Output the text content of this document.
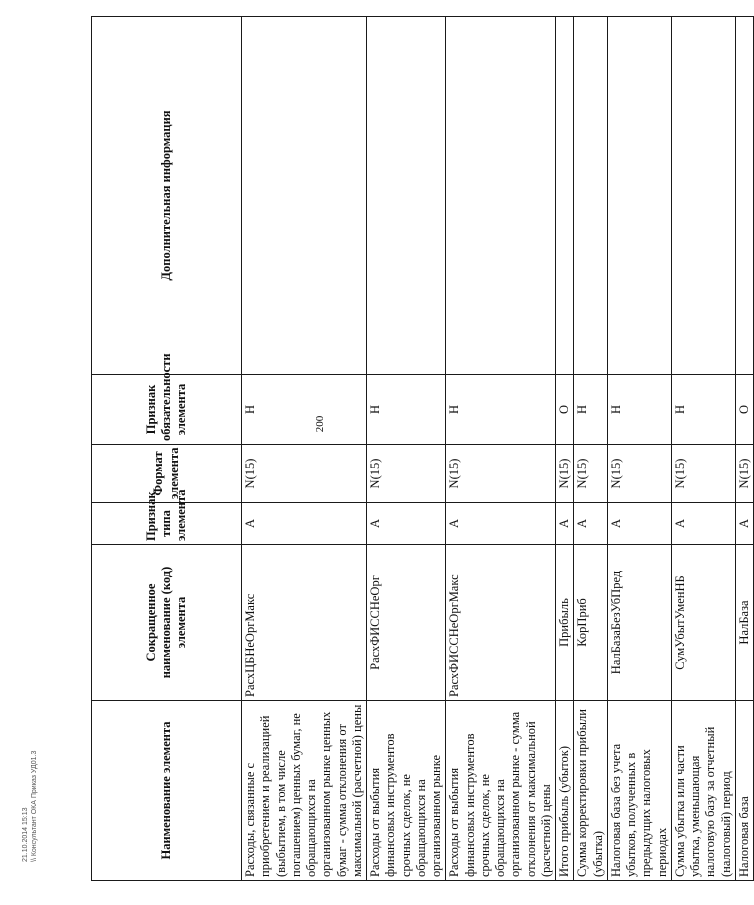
200
Наименование элемента	Сокращенное наименование (код) элемента	Признак типа элемента	Формат элемента	Признак обязательности элемента	Дополнительная информация
Расходы, связанные с приобретением и реализацией (выбытием, в том числе погашением) ценных бумаг, не обращающихся на организованном рынке ценных бумаг - сумма отклонения от максимальной (расчетной) цены	РасхЦБНеОргМакс	А	N(15)	Н	
Расходы от выбытия финансовых инструментов срочных сделок, не обращающихся на организованном рынке	РасхФИССНеОрг	А	N(15)	Н	
Расходы от выбытия финансовых инструментов срочных сделок, не обращающихся на организованном рынке - сумма отклонения от максимальной (расчетной) цены	РасхФИССНеОргМакс	А	N(15)	Н	
Итого прибыль (убыток)	Прибыль	А	N(15)	О	
Сумма корректировки прибыли (убытка)	КорПриб	А	N(15)	Н	
Налоговая база без учета убытков, полученных в предыдущих налоговых периодах	НалБазаБезУбПред	А	N(15)	Н	
Сумма убытка или части убытка, уменьшающая налоговую базу за отчетный (налоговый) период	СумУбытУменНБ	А	N(15)	Н	
Налоговая база	НалБаза	А	N(15)	О	
21.10.2014 15:13 \\ Консультант ОКА Приказ УД01.3
